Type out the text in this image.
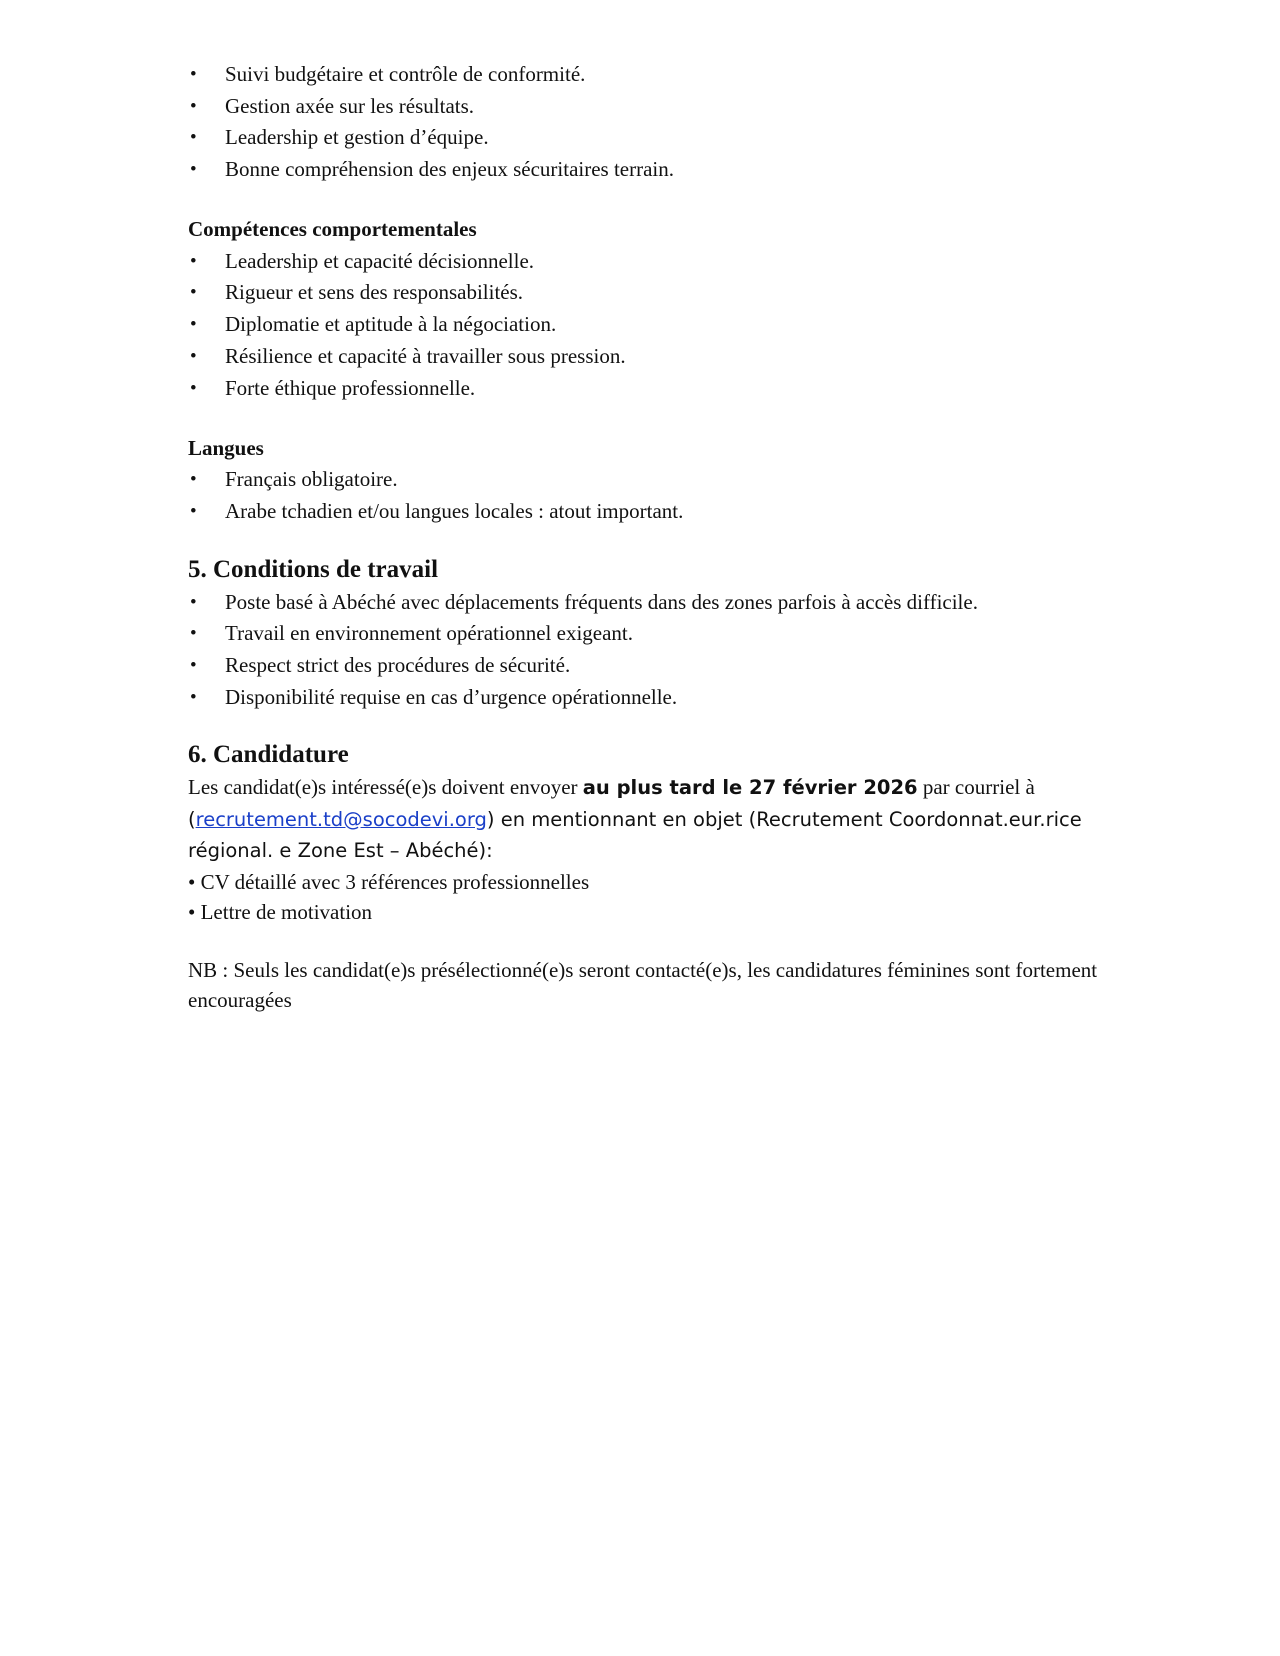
• Suivi budgétaire et contrôle de conformité.
• Gestion axée sur les résultats.
• Leadership et gestion d’équipe.
• Bonne compréhension des enjeux sécuritaires terrain.
Compétences comportementales
• Leadership et capacité décisionnelle.
• Rigueur et sens des responsabilités.
• Diplomatie et aptitude à la négociation.
• Résilience et capacité à travailler sous pression.
• Forte éthique professionnelle.
Langues
• Français obligatoire.
• Arabe tchadien et/ou langues locales : atout important.
5. Conditions de travail
• Poste basé à Abéché avec déplacements fréquents dans des zones parfois à accès difficile.
• Travail en environnement opérationnel exigeant.
• Respect strict des procédures de sécurité.
• Disponibilité requise en cas d’urgence opérationnelle.
6. Candidature

Les candidat(e)s intéressé(e)s doivent envoyer au plus tard le 27 février 2026 par courriel à
(recrutement.td@socodevi.org) en mentionnant en objet (Recrutement Coordonnat.eur.rice
régional. e Zone Est – Abéché):

• CV détaillé avec 3 références professionnelles
• Lettre de motivation

NB : Seuls les candidat(e)s présélectionné(e)s seront contacté(e)s, les candidatures féminines sont fortement encouragées
